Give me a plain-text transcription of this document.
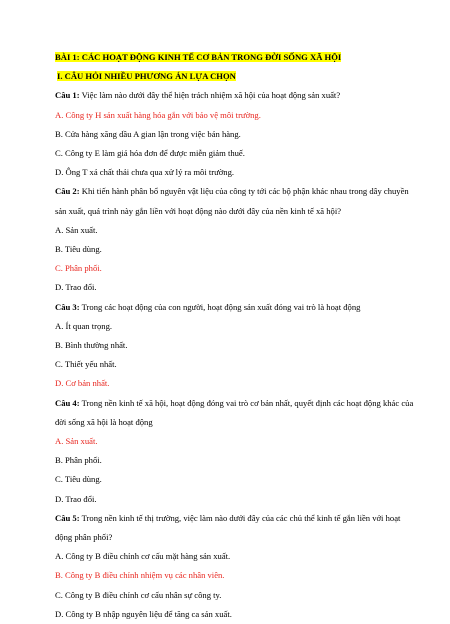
BÀI 1: CÁC HOẠT ĐỘNG KINH TẾ CƠ BẢN TRONG ĐỜI SỐNG XÃ HỘI

I. CÂU HỎI NHIỀU PHƯƠNG ÁN LỰA CHỌN

Câu 1: Việc làm nào dưới đây thể hiện trách nhiệm xã hội của hoạt động sản xuất?

A. Công ty H sản xuất hàng hóa gắn với bảo vệ môi trường.

B. Cửa hàng xăng dầu A gian lận trong việc bán hàng.

C. Công ty E làm giả hóa đơn để được miễn giảm thuế.

D. Ông T xả chất thải chưa qua xử lý ra môi trường.

Câu 2: Khi tiến hành phân bổ nguyên vật liệu của công ty tới các bộ phận khác nhau trong dây chuyền sản xuất, quá trình này gắn liền với hoạt động nào dưới đây của nền kinh tế xã hội?

A. Sản xuất.

B. Tiêu dùng.

C. Phân phối.

D. Trao đổi.

Câu 3: Trong các hoạt động của con người, hoạt động sản xuất đóng vai trò là hoạt động

A. Ít quan trọng.

B. Bình thường nhất.

C. Thiết yếu nhất.

D. Cơ bản nhất.

Câu 4: Trong nền kinh tế xã hội, hoạt động đóng vai trò cơ bản nhất, quyết định các hoạt động khác của đời sống xã hội là hoạt động

A. Sản xuất.

B. Phân phối.

C. Tiêu dùng.

D. Trao đổi.

Câu 5: Trong nền kinh tế thị trường, việc làm nào dưới đây của các chủ thể kinh tế gắn liền với hoạt động phân phối?

A. Công ty B điều chỉnh cơ cấu mặt hàng sản xuất.

B. Công ty B điều chỉnh nhiệm vụ các nhân viên.

C. Công ty B điều chỉnh cơ cấu nhân sự công ty.

D. Công ty B nhập nguyên liệu để tăng ca sản xuất.
